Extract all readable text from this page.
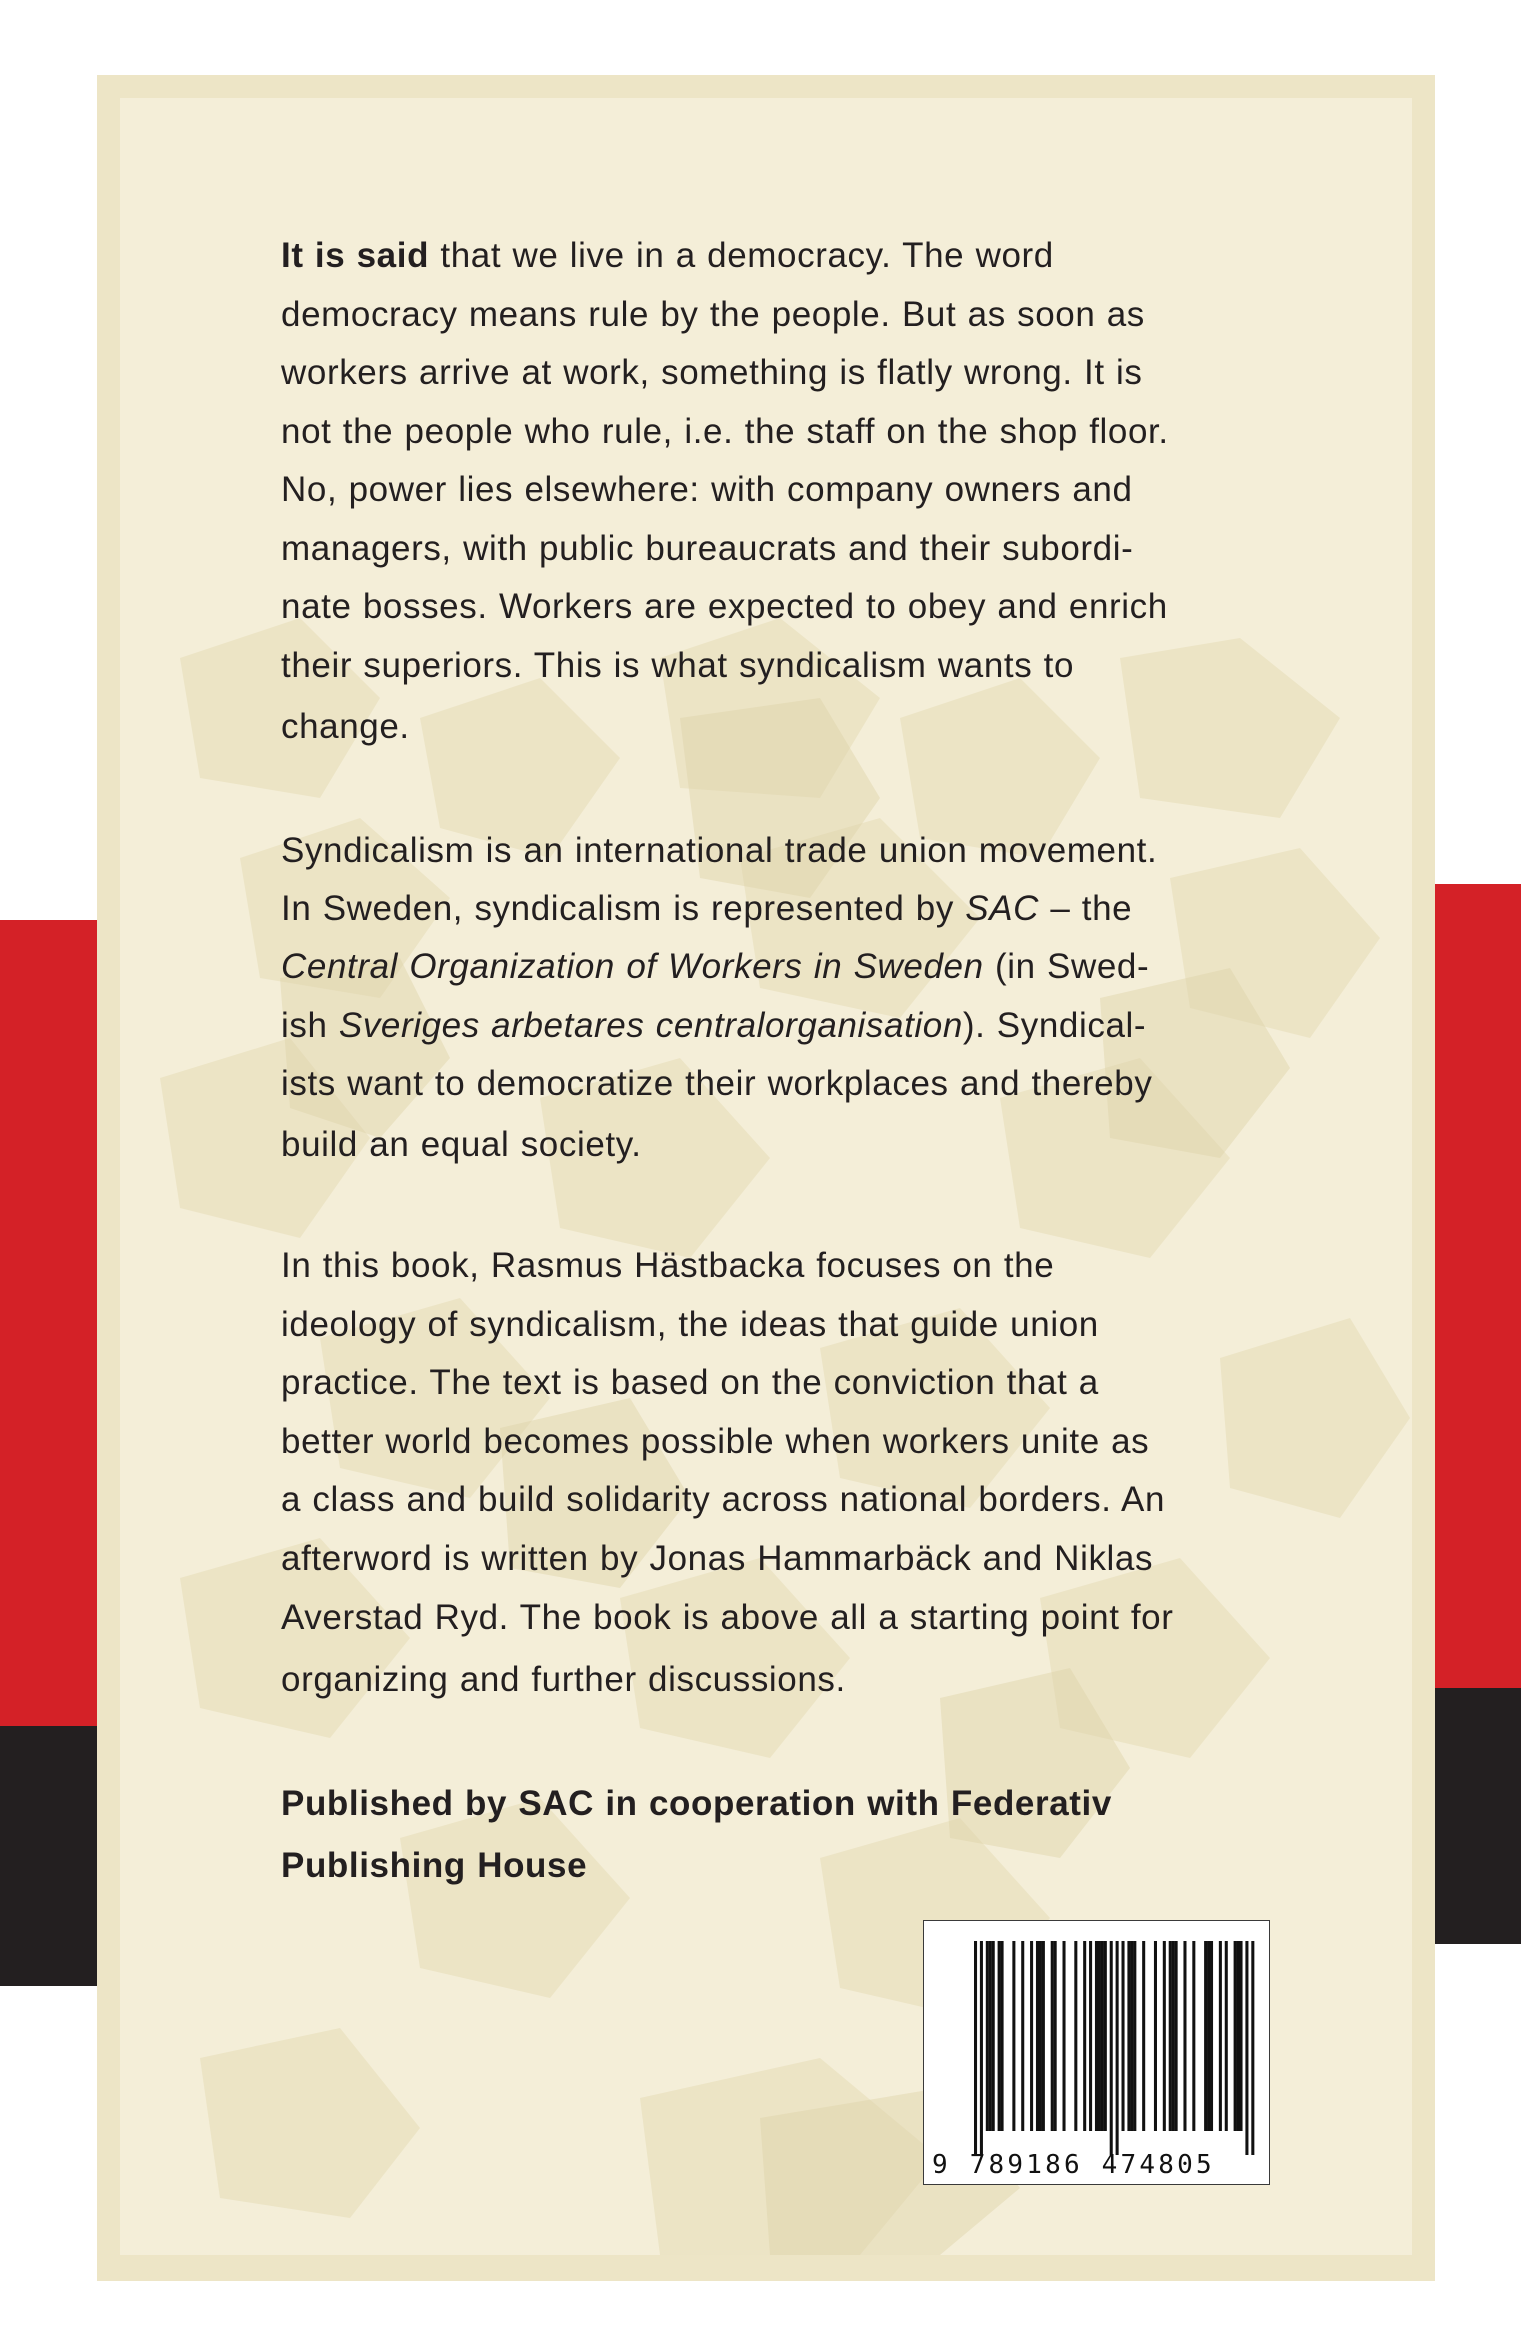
It is said that we live in a democracy. The word
democracy means rule by the people. But as soon as
workers arrive at work, something is flatly wrong. It is
not the people who rule, i.e. the staff on the shop floor.
No, power lies elsewhere: with company owners and
managers, with public bureaucrats and their subordi-
nate bosses. Workers are expected to obey and enrich
their superiors. This is what syndicalism wants to
change.
Syndicalism is an international trade union movement.
In Sweden, syndicalism is represented by SAC – the
Central Organization of Workers in Sweden (in Swed-
ish Sveriges arbetares centralorganisation). Syndical-
ists want to democratize their workplaces and thereby
build an equal society.
In this book, Rasmus Hästbacka focuses on the
ideology of syndicalism, the ideas that guide union
practice. The text is based on the conviction that a
better world becomes possible when workers unite as
a class and build solidarity across national borders. An
afterword is written by Jonas Hammarbäck and Niklas
Averstad Ryd. The book is above all a starting point for
organizing and further discussions.
Published by SAC in cooperation with Federativ
Publishing House
9 789186 474805
